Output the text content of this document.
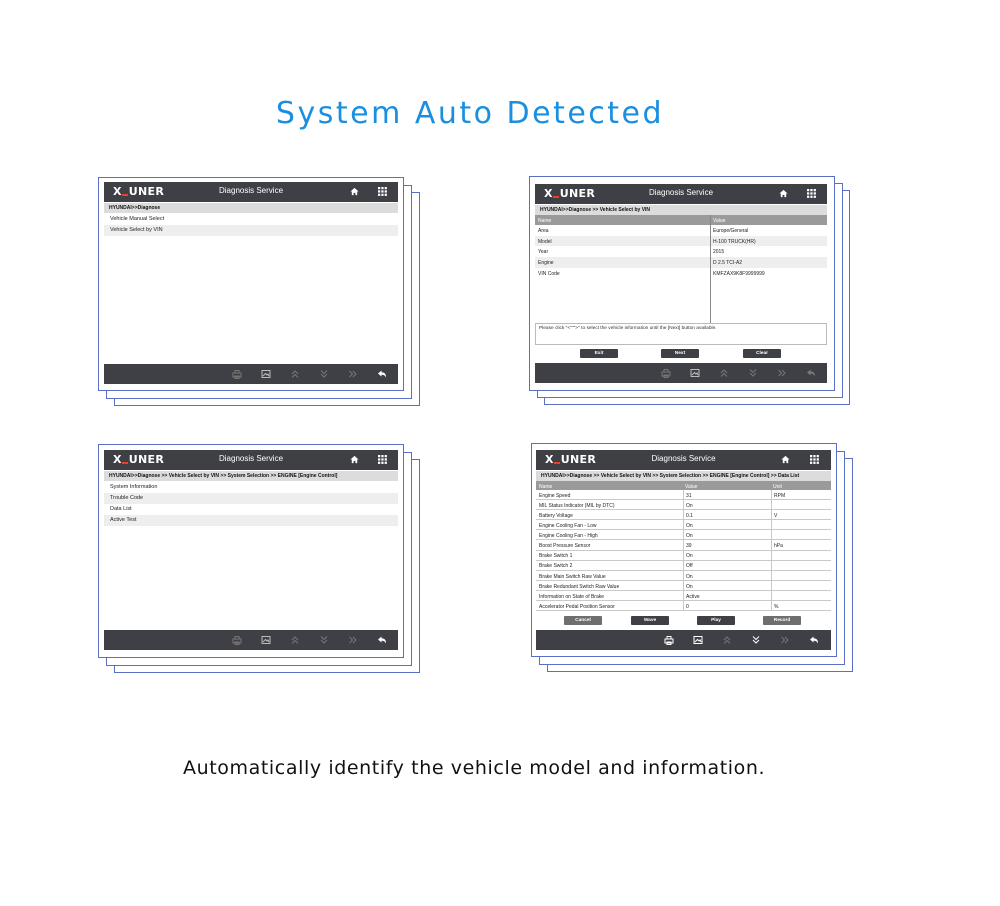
System Auto Detected
X UNER	Diagnosis Service
HYUNDAI>>Diagnose
Vehicle Manual Select
Vehicle Select by VIN
X UNER	Diagnosis Service
HYUNDAI>>Diagnose >> Vehicle Select by VIN
Name	Value
Area	Europe/General
Model	H-100 TRUCK(HR)
Year	2015
Engine	D 2.5 TCI-A2
VIN Code	KMFZAX9K8F9999999
Please click "<""">" to select the vehicle information until the [Next] button available.
Exit	Next	Clear
X UNER	Diagnosis Service
HYUNDAI>>Diagnose >> Vehicle Select by VIN >> System Selection >> ENGINE [Engine Control]
System Information
Trouble Code
Data List
Active Test
X UNER	Diagnosis Service
HYUNDAI>>Diagnose >> Vehicle Select by VIN >> System Selection >> ENGINE [Engine Control] >> Data List
Name	Value	Unit
Engine Speed	31	RPM
MIL Status Indicator (MIL by DTC)	On
Battery Voltage	0.1	V
Engine Cooling Fan - Low	On
Engine Cooling Fan - High	On
Boost Pressure Sensor	39	hPa
Brake Switch 1	On
Brake Switch 2	Off
Brake Main Switch Raw Value	On
Brake Redundant Switch Raw Value	On
Information on State of Brake	Active
Accelerator Pedal Position Sensor	0	%
Cancel	Wave	Play	Record
Automatically identify the vehicle model and information.
